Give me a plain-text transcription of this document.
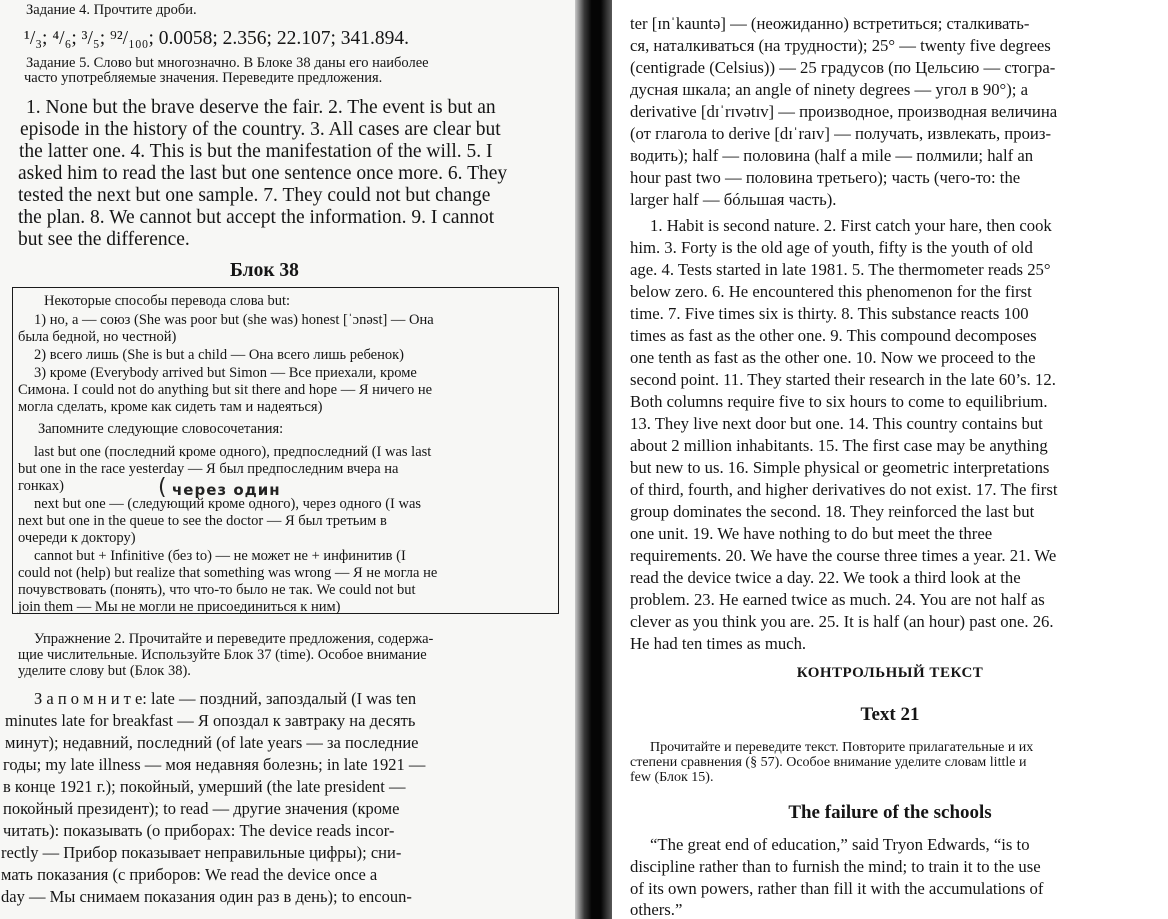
Задание 4. Прочтите дроби.

¹/₃; ⁴/₆; ³/₅; ⁹²/₁₀₀; 0.0058; 2.356; 22.107; 341.894.

Задание 5. Слово but многозначно. В Блоке 38 даны его наиболее

часто употребляемые значения. Переведите предложения.

1. None but the brave deserve the fair. 2. The event is but an

episode in the history of the country. 3. All cases are clear but

the latter one. 4. This is but the manifestation of the will. 5. I

asked him to read the last but one sentence once more. 6. They

tested the next but one sample. 7. They could not but change

the plan. 8. We cannot but accept the information. 9. I cannot

but see the difference.

Блок 38

Некоторые способы перевода слова but:

1) но, а — союз (She was poor but (she was) honest [ˈɔnəst] — Она

была бедной, но честной)

2) всего лишь (She is but a child — Она всего лишь ребенок)

3) кроме (Everybody arrived but Simon — Все приехали, кроме

Симона. I could not do anything but sit there and hope — Я ничего не

могла сделать, кроме как сидеть там и надеяться)

Запомните следующие словосочетания:

last but one (последний кроме одного), предпоследний (I was last

but one in the race yesterday — Я был предпоследним вчера на

гонках)

next but one — (следующий кроме одного), через одного (I was

next but one in the queue to see the doctor — Я был третьим в

очереди к доктору)

cannot but + Infinitive (без to) — не может не + инфинитив (I

could not (help) but realize that something was wrong — Я не могла не

почувствовать (понять), что что-то было не так. We could not but

join them — Мы не могли не присоединиться к ним)

через один
(

Упражнение 2. Прочитайте и переведите предложения, содержа-

щие числительные. Используйте Блок 37 (time). Особое внимание

уделите слову but (Блок 38).

З а п о м н и т е: late — поздний, запоздалый (I was ten

minutes late for breakfast — Я опоздал к завтраку на десять

минут); недавний, последний (of late years — за последние

годы; my late illness — моя недавняя болезнь; in late 1921 —

в конце 1921 г.); покойный, умерший (the late president —

покойный президент); to read — другие значения (кроме

читать): показывать (о приборах: The device reads incor-

rectly — Прибор показывает неправильные цифры); сни-

мать показания (с приборов: We read the device once a

day — Мы снимаем показания один раз в день); to encoun-

ter [ɪnˈkauntə] — (неожиданно) встретиться; сталкивать-

ся, наталкиваться (на трудности); 25° — twenty five degrees

(centigrade (Celsius)) — 25 градусов (по Цельсию — стогра-

дусная шкала; an angle of ninety degrees — угол в 90°); a

derivative [dɪˈrɪvətɪv] — производное, производная величина

(от глагола to derive [dɪˈraɪv] — получать, извлекать, произ-

водить); half — половина (half a mile — полмили; half an

hour past two — половина третьего); часть (чего-то: the

larger half — бóльшая часть).

1. Habit is second nature. 2. First catch your hare, then cook

him. 3. Forty is the old age of youth, fifty is the youth of old

age. 4. Tests started in late 1981. 5. The thermometer reads 25°

below zero. 6. He encountered this phenomenon for the first

time. 7. Five times six is thirty. 8. This substance reacts 100

times as fast as the other one. 9. This compound decomposes

one tenth as fast as the other one. 10. Now we proceed to the

second point. 11. They started their research in the late 60’s. 12.

Both columns require five to six hours to come to equilibrium.

13. They live next door but one. 14. This country contains but

about 2 million inhabitants. 15. The first case may be anything

but new to us. 16. Simple physical or geometric interpretations

of third, fourth, and higher derivatives do not exist. 17. The first

group dominates the second. 18. They reinforced the last but

one unit. 19. We have nothing to do but meet the three

requirements. 20. We have the course three times a year. 21. We

read the device twice a day. 22. We took a third look at the

problem. 23. He earned twice as much. 24. You are not half as

clever as you think you are. 25. It is half (an hour) past one. 26.

He had ten times as much.

КОНТРОЛЬНЫЙ ТЕКСТ

Text 21

Прочитайте и переведите текст. Повторите прилагательные и их

степени сравнения (§ 57). Особое внимание уделите словам little и

few (Блок 15).

The failure of the schools

“The great end of education,” said Tryon Edwards, “is to

discipline rather than to furnish the mind; to train it to the use

of its own powers, rather than fill it with the accumulations of

others.”
